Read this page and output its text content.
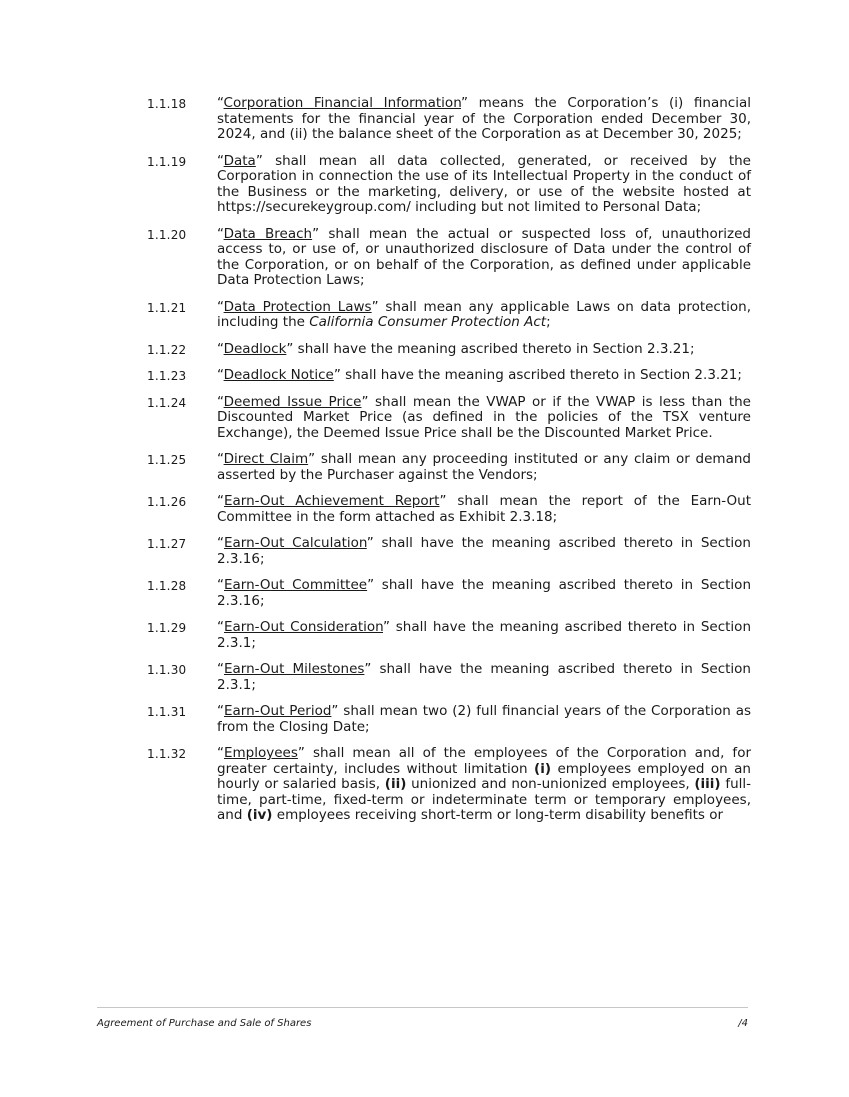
1.1.18	“Corporation Financial Information” means the Corporation’s (i) financial statements for the financial year of the Corporation ended December 30, 2024, and (ii) the balance sheet of the Corporation as at December 30, 2025;
1.1.19	“Data” shall mean all data collected, generated, or received by the Corporation in connection the use of its Intellectual Property in the conduct of the Business or the marketing, delivery, or use of the website hosted at https://securekeygroup.com/ including but not limited to Personal Data;
1.1.20	“Data Breach” shall mean the actual or suspected loss of, unauthorized access to, or use of, or unauthorized disclosure of Data under the control of the Corporation, or on behalf of the Corporation, as defined under applicable Data Protection Laws;
1.1.21	“Data Protection Laws” shall mean any applicable Laws on data protection, including the California Consumer Protection Act;
1.1.22	“Deadlock” shall have the meaning ascribed thereto in Section 2.3.21;
1.1.23	“Deadlock Notice” shall have the meaning ascribed thereto in Section 2.3.21;
1.1.24	“Deemed Issue Price” shall mean the VWAP or if the VWAP is less than the Discounted Market Price (as defined in the policies of the TSX venture Exchange), the Deemed Issue Price shall be the Discounted Market Price.
1.1.25	“Direct Claim” shall mean any proceeding instituted or any claim or demand asserted by the Purchaser against the Vendors;
1.1.26	“Earn-Out Achievement Report” shall mean the report of the Earn-Out Committee in the form attached as Exhibit 2.3.18;
1.1.27	“Earn-Out Calculation” shall have the meaning ascribed thereto in Section 2.3.16;
1.1.28	“Earn-Out Committee” shall have the meaning ascribed thereto in Section 2.3.16;
1.1.29	“Earn-Out Consideration” shall have the meaning ascribed thereto in Section 2.3.1;
1.1.30	“Earn-Out Milestones” shall have the meaning ascribed thereto in Section 2.3.1;
1.1.31	“Earn-Out Period” shall mean two (2) full financial years of the Corporation as from the Closing Date;
1.1.32	“Employees” shall mean all of the employees of the Corporation and, for greater certainty, includes without limitation (i) employees employed on an hourly or salaried basis, (ii) unionized and non-unionized employees, (iii) full-time, part-time, fixed-term or indeterminate term or temporary employees, and (iv) employees receiving short-term or long-term disability benefits or
Agreement of Purchase and Sale of Shares	/4
